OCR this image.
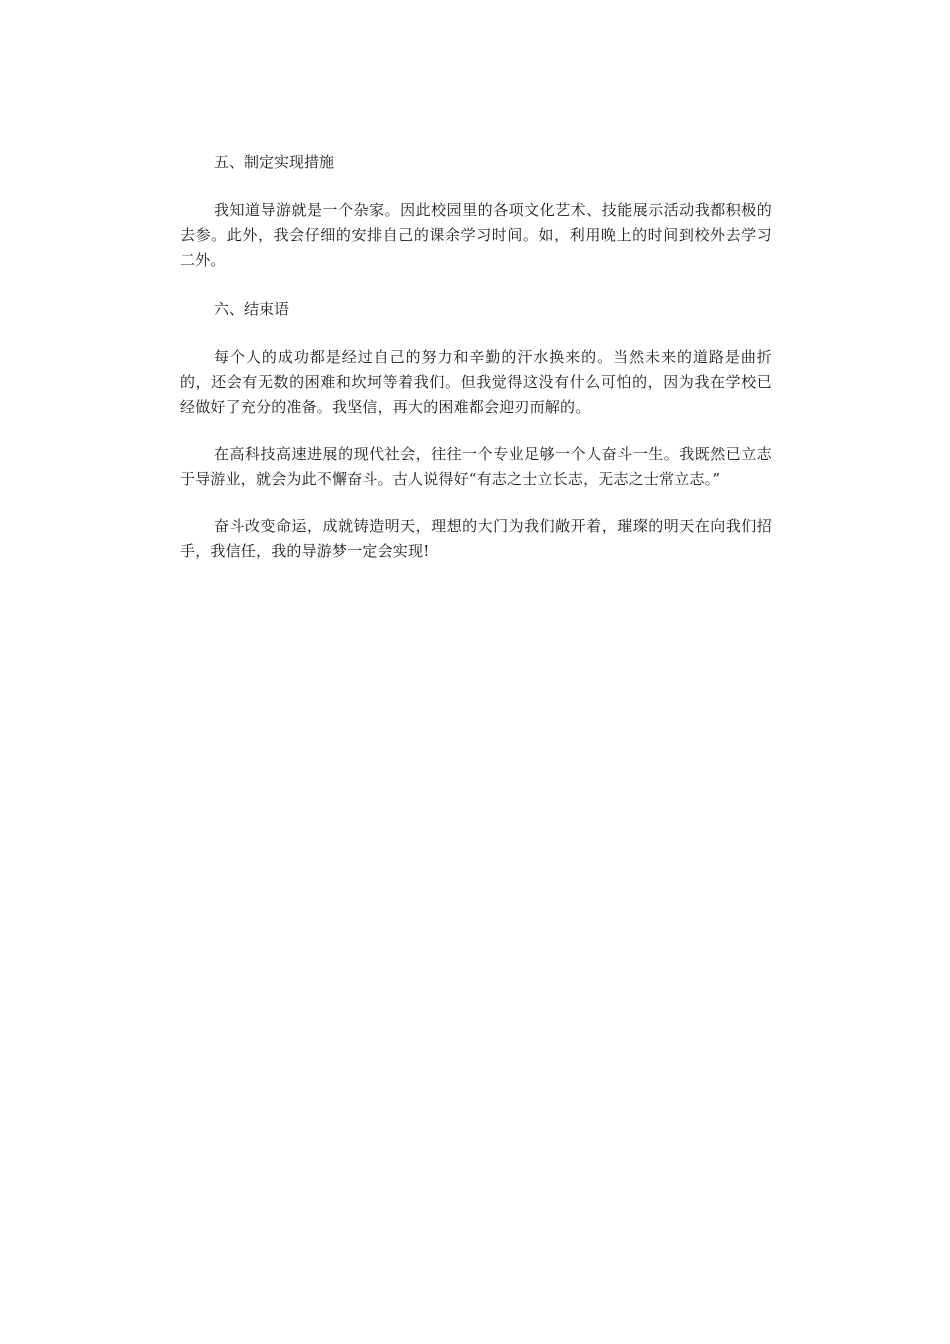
五、制定实现措施

我知道导游就是一个杂家。因此校园里的各项文化艺术、技能展示活动我都积极的去参。此外，我会仔细的安排自己的课余学习时间。如，利用晚上的时间到校外去学习二外。

六、结束语

每个人的成功都是经过自己的努力和辛勤的汗水换来的。当然未来的道路是曲折的，还会有无数的困难和坎坷等着我们。但我觉得这没有什么可怕的，因为我在学校已经做好了充分的准备。我坚信，再大的困难都会迎刃而解的。

在高科技高速进展的现代社会，往往一个专业足够一个人奋斗一生。我既然已立志于导游业，就会为此不懈奋斗。古人说得好“有志之士立长志，无志之士常立志。”

奋斗改变命运，成就铸造明天，理想的大门为我们敞开着，璀璨的明天在向我们招手，我信任，我的导游梦一定会实现!
